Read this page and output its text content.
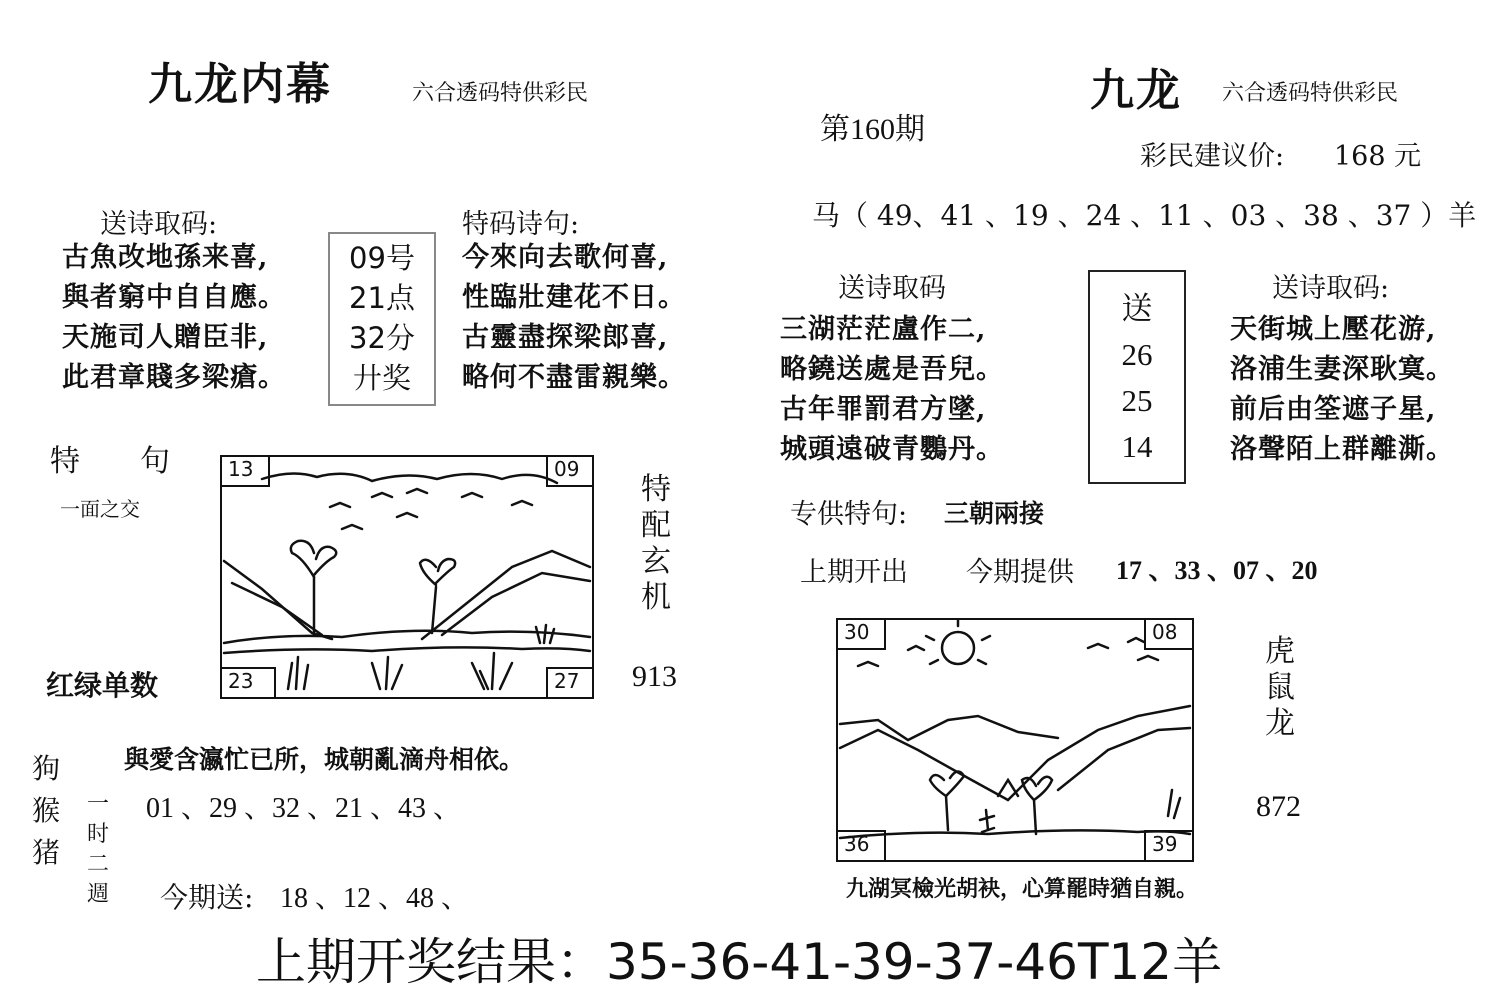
九龙内幕	六合透码特供彩民
送诗取码:
古魚改地孫来喜,
與者窮中自自應。
天施司人贈臣非,
此君章賤多梁瘡。
09号
21点
32分
廾奖
特码诗句:
今來向去歌何喜,
性臨壯建花不日。
古靈盡探梁郎喜,
略何不盡雷親樂。
特　　句
一面之交
13	09
23	27
特
配
玄
机
913
红绿单数
與愛含瀛忙已所，城朝亂滴舟相依。
狗
猴
猪
一
时
二
週
01 、29 、32 、21 、43 、
今期送: 18 、12 、48 、
第160期
九龙 六合透码特供彩民
彩民建议价: 168 元
马（ 49、41 、19 、24 、11 、03 、38 、37 ）羊
送诗取码
三湖茫茫盧作二,
略鐃送處是吾兒。
古年罪罰君方墜,
城頭遠破青鸚丹。
送
26
25
14
送诗取码:
天街城上壓花游,
洛浦生妻深耿寞。
前后由筌遮子星,
洛聲陌上群離澌。
专供特句: 三朝兩接
上期开出 今期提供 17 、33 、07 、20
30	08
36	39
虎
鼠
龙
872
九湖冥檢光胡袂，心算罷時猶自親。
上期开奖结果：35-36-41-39-37-46T12羊
